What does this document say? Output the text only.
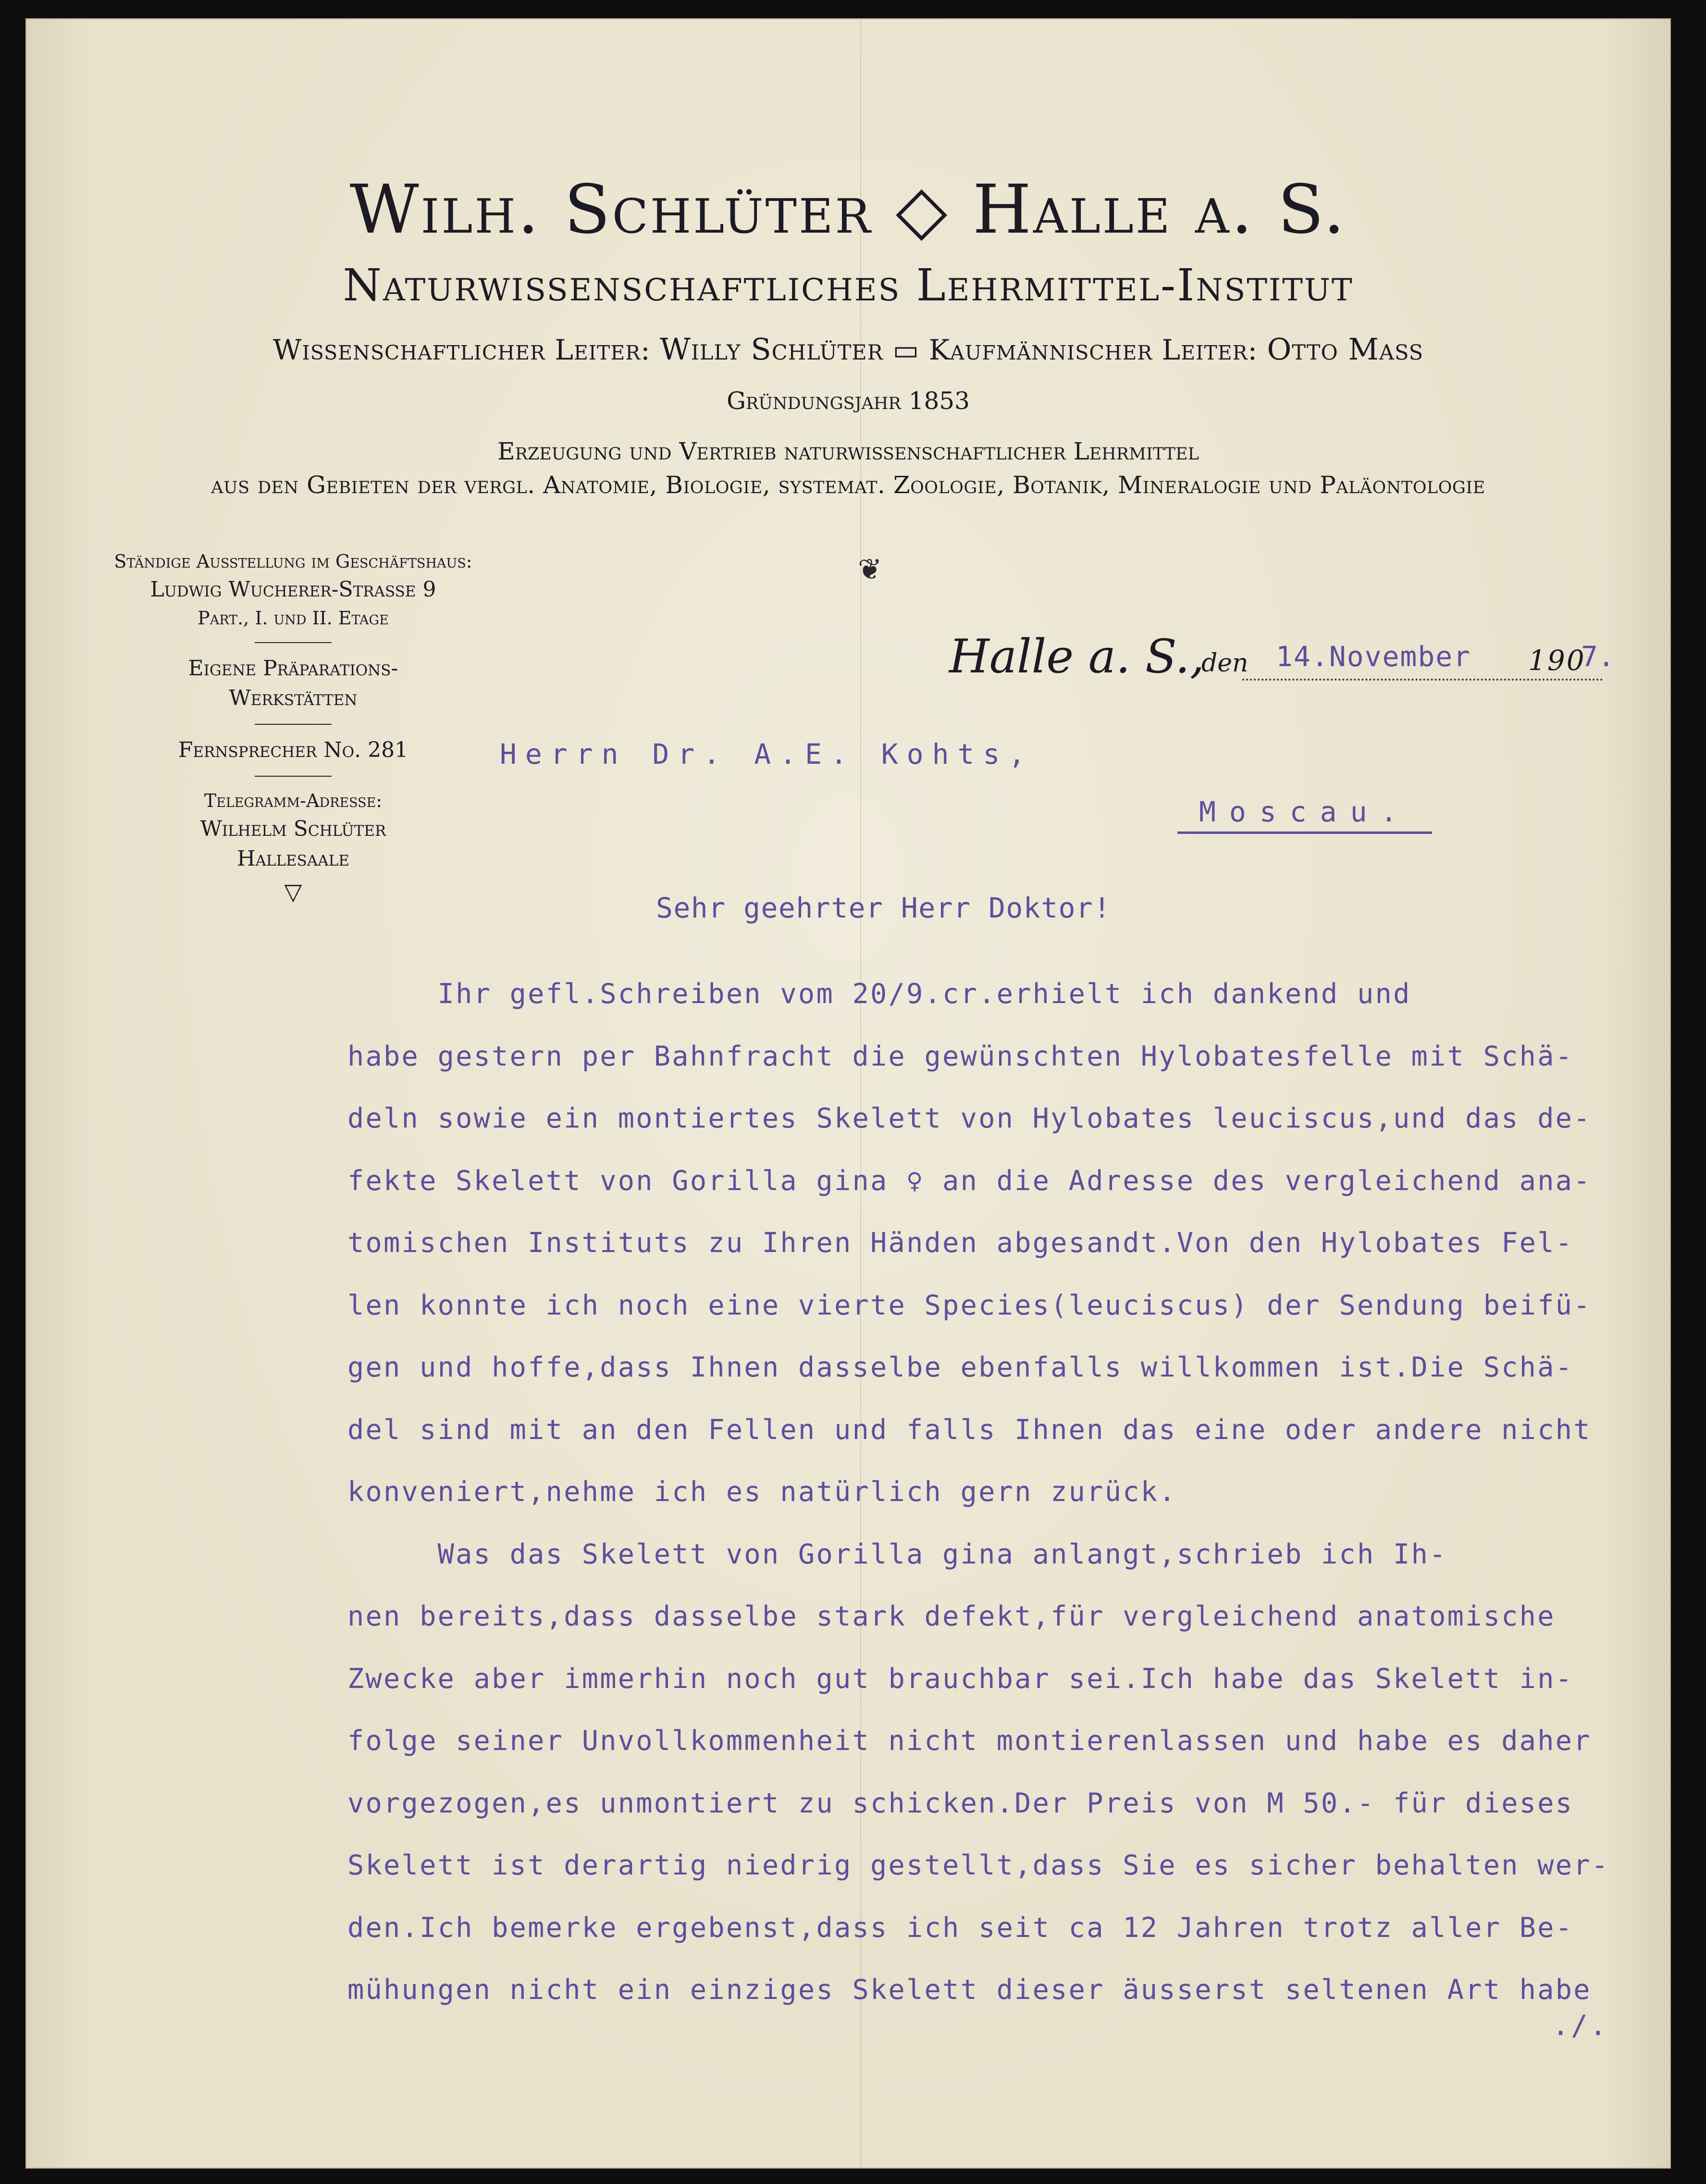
Wilh. Schlüter ◇ Halle a. S.
Naturwissenschaftliches Lehrmittel-Institut
Wissenschaftlicher Leiter: Willy Schlüter ▭ Kaufmännischer Leiter: Otto Mass
Gründungsjahr 1853
Erzeugung und Vertrieb naturwissenschaftlicher Lehrmittel
aus den Gebieten der vergl. Anatomie, Biologie, systemat. Zoologie, Botanik, Mineralogie und Paläontologie
❦
Ständige Ausstellung im Geschäftshaus:
Ludwig Wucherer-Strasse 9
Part., I. und II. Etage
Eigene Präparations-
Werkstätten
Fernsprecher No. 281
Telegramm-Adresse:
Wilhelm Schlüter
Hallesaale
▽
Halle a. S.,
den 14.November 190
7.
Herrn Dr. A.E. Kohts,
Moscau.
Sehr geehrter Herr Doktor!
Ihr gefl.Schreiben vom 20/9.cr.erhielt ich dankend und
habe gestern per Bahnfracht die gewünschten Hylobatesfelle mit Schä-
deln sowie ein montiertes Skelett von Hylobates leuciscus,und das de-
fekte Skelett von Gorilla gina ♀ an die Adresse des vergleichend ana-
tomischen Instituts zu Ihren Händen abgesandt.Von den Hylobates Fel-
len konnte ich noch eine vierte Species(leuciscus) der Sendung beifü-
gen und hoffe,dass Ihnen dasselbe ebenfalls willkommen ist.Die Schä-
del sind mit an den Fellen und falls Ihnen das eine oder andere nicht
konveniert,nehme ich es natürlich gern zurück.
Was das Skelett von Gorilla gina anlangt,schrieb ich Ih-
nen bereits,dass dasselbe stark defekt,für vergleichend anatomische
Zwecke aber immerhin noch gut brauchbar sei.Ich habe das Skelett in-
folge seiner Unvollkommenheit nicht montierenlassen und habe es daher
vorgezogen,es unmontiert zu schicken.Der Preis von M 50.- für dieses
Skelett ist derartig niedrig gestellt,dass Sie es sicher behalten wer-
den.Ich bemerke ergebenst,dass ich seit ca 12 Jahren trotz aller Be-
mühungen nicht ein einziges Skelett dieser äusserst seltenen Art habe
./.
